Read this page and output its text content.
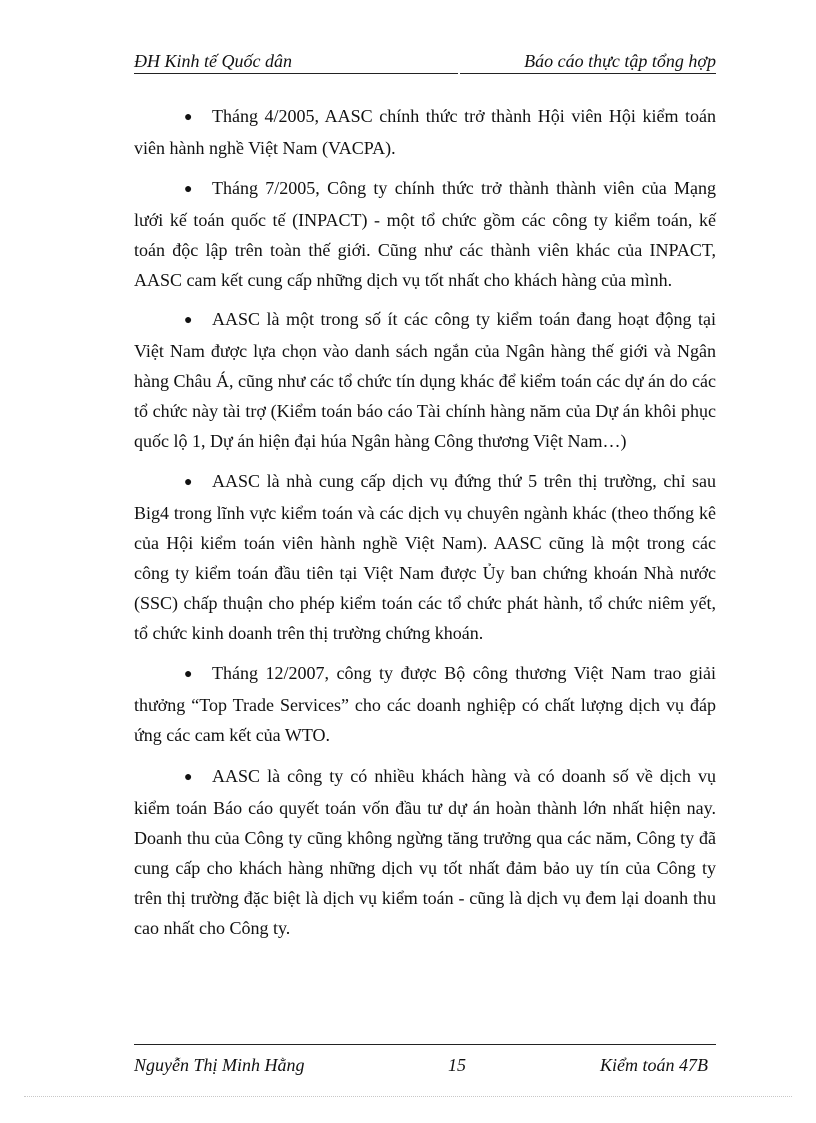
ĐH Kinh tế Quốc dân	Báo cáo thực tập tổng hợp

● Tháng 4/2005, AASC chính thức trở thành Hội viên Hội kiểm toán viên hành nghề Việt Nam (VACPA).

● Tháng 7/2005, Công ty chính thức trở thành thành viên của Mạng lưới kế toán quốc tế (INPACT) - một tổ chức gồm các công ty kiểm toán, kế toán độc lập trên toàn thế giới. Cũng như các thành viên khác của INPACT, AASC cam kết cung cấp những dịch vụ tốt nhất cho khách hàng của mình.

● AASC là một trong số ít các công ty kiểm toán đang hoạt động tại Việt Nam được lựa chọn vào danh sách ngắn của Ngân hàng thế giới và Ngân hàng Châu Á, cũng như các tổ chức tín dụng khác để kiểm toán các dự án do các tổ chức này tài trợ (Kiểm toán báo cáo Tài chính hàng năm của Dự án khôi phục quốc lộ 1, Dự án hiện đại húa Ngân hàng Công thương Việt Nam…)

● AASC là nhà cung cấp dịch vụ đứng thứ 5 trên thị trường, chỉ sau Big4 trong lĩnh vực kiểm toán và các dịch vụ chuyên ngành khác (theo thống kê của Hội kiểm toán viên hành nghề Việt Nam). AASC cũng là một trong các công ty kiểm toán đầu tiên tại Việt Nam được Ủy ban chứng khoán Nhà nước (SSC) chấp thuận cho phép kiểm toán các tổ chức phát hành, tổ chức niêm yết, tổ chức kinh doanh trên thị trường chứng khoán.

● Tháng 12/2007, công ty được Bộ công thương Việt Nam trao giải thưởng “Top Trade Services” cho các doanh nghiệp có chất lượng dịch vụ đáp ứng các cam kết của WTO.

● AASC là công ty có nhiều khách hàng và có doanh số về dịch vụ kiểm toán Báo cáo quyết toán vốn đầu tư dự án hoàn thành lớn nhất hiện nay. Doanh thu của Công ty cũng không ngừng tăng trưởng qua các năm, Công ty đã cung cấp cho khách hàng những dịch vụ tốt nhất đảm bảo uy tín của Công ty trên thị trường đặc biệt là dịch vụ kiểm toán - cũng là dịch vụ đem lại doanh thu cao nhất cho Công ty.

Nguyễn Thị Minh Hằng	15	Kiểm toán 47B
